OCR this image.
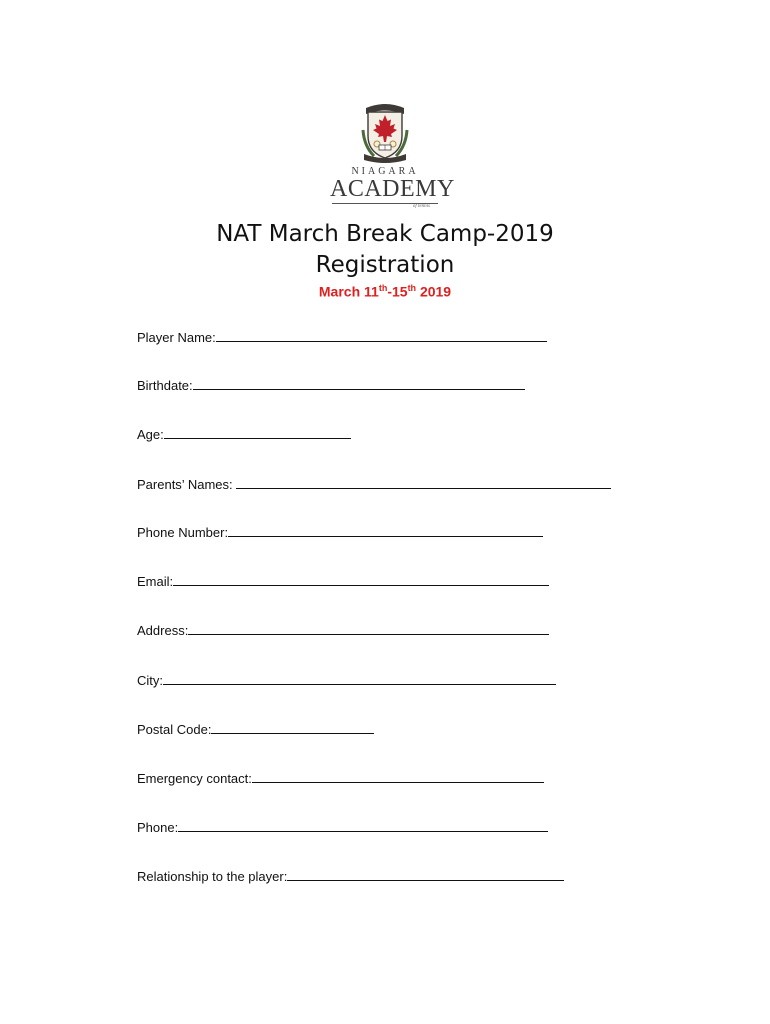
NIAGARA
ACADEMY
of tennis
NAT March Break Camp-2019
Registration
March 11th-15th 2019
Player Name:
Birthdate:
Age:
Parents’ Names:
Phone Number:
Email:
Address:
City:
Postal Code:
Emergency contact:
Phone:
Relationship to the player:
